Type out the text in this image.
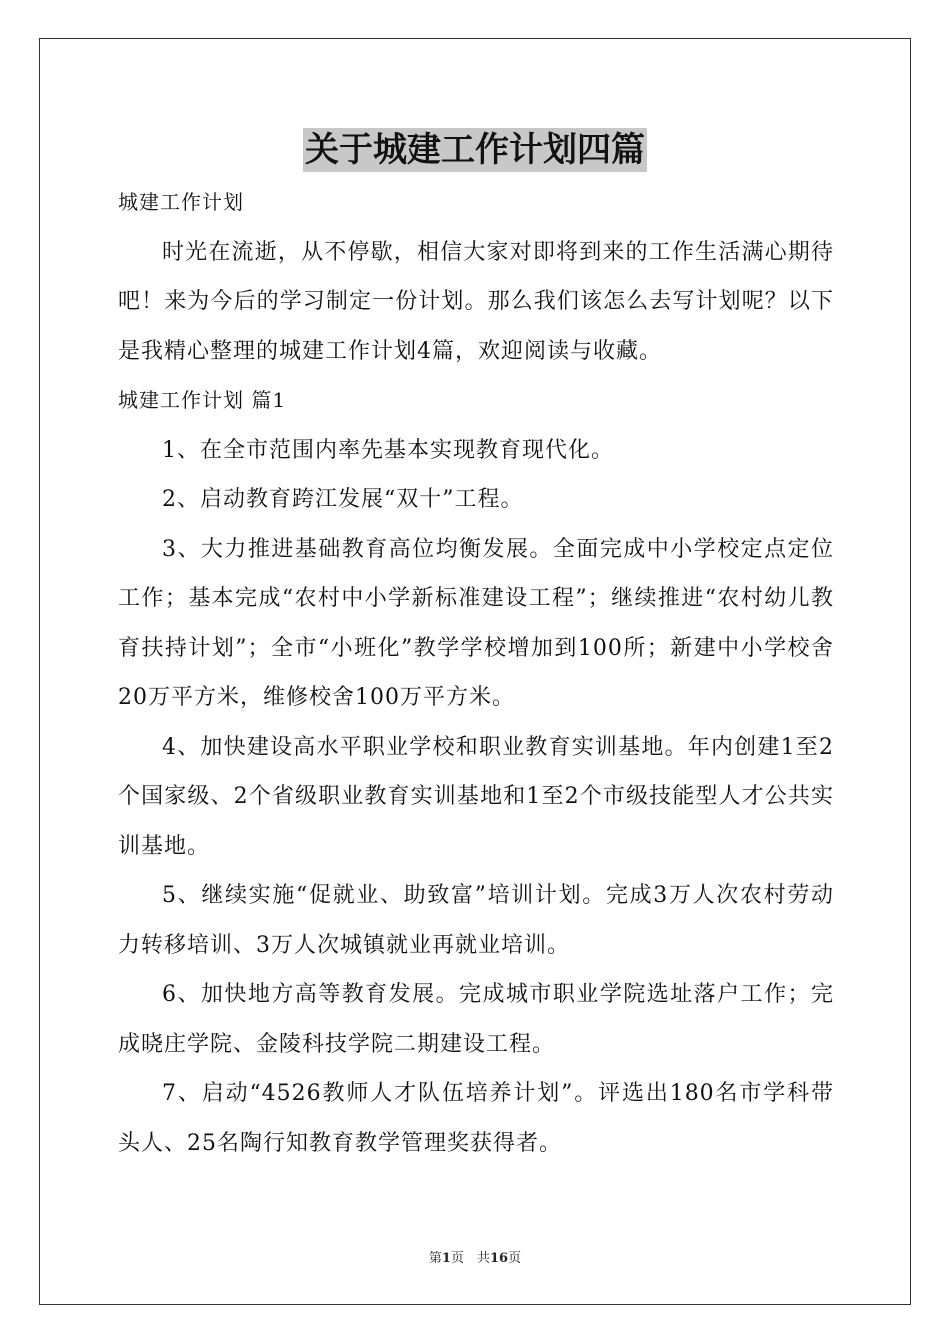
关于城建工作计划四篇

城建工作计划

时光在流逝，从不停歇，相信大家对即将到来的工作生活满心期待吧！来为今后的学习制定一份计划。那么我们该怎么去写计划呢？以下是我精心整理的城建工作计划4篇，欢迎阅读与收藏。

城建工作计划 篇1

1、在全市范围内率先基本实现教育现代化。

2、启动教育跨江发展“双十”工程。

3、大力推进基础教育高位均衡发展。全面完成中小学校定点定位工作；基本完成“农村中小学新标准建设工程”；继续推进“农村幼儿教育扶持计划”；全市“小班化”教学学校增加到100所；新建中小学校舍20万平方米，维修校舍100万平方米。

4、加快建设高水平职业学校和职业教育实训基地。年内创建1至2个国家级、2个省级职业教育实训基地和1至2个市级技能型人才公共实训基地。

5、继续实施“促就业、助致富”培训计划。完成3万人次农村劳动力转移培训、3万人次城镇就业再就业培训。

6、加快地方高等教育发展。完成城市职业学院选址落户工作；完成晓庄学院、金陵科技学院二期建设工程。

7、启动“4526教师人才队伍培养计划”。评选出180名市学科带头人、25名陶行知教育教学管理奖获得者。

第1页　共16页
